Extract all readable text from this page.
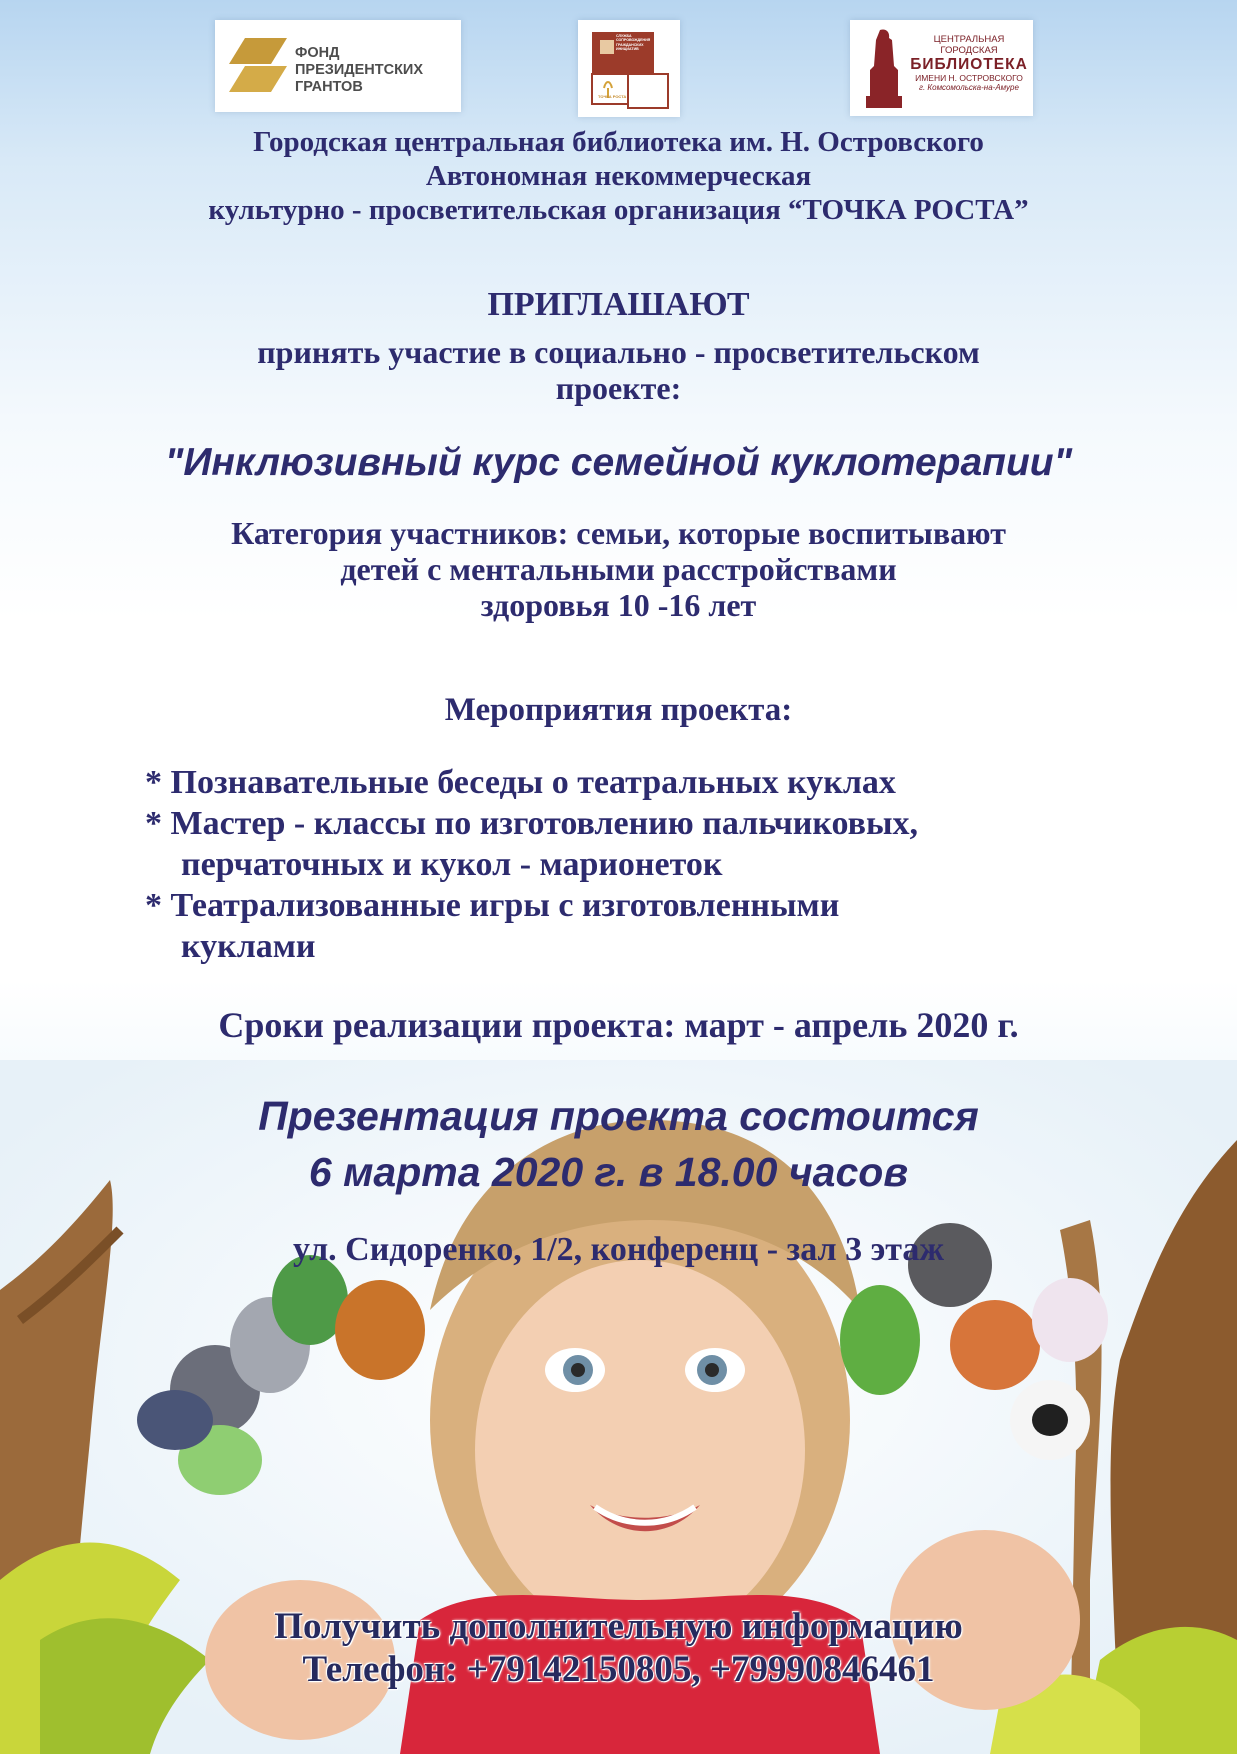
ФОНД
ПРЕЗИДЕНТСКИХ
ГРАНТОВ
СЛУЖБА
СОПРОВОЖДЕНИЯ ГРАЖДАНСКИХ
ИНИЦИАТИВ
ТОЧКА РОСТА
ЦЕНТРАЛЬНАЯ ГОРОДСКАЯ
БИБЛИОТЕКА
ИМЕНИ Н. ОСТРОВСКОГО
г. Комсомольска-на-Амуре
Городская центральная библиотека им. Н. Островского
Автономная некоммерческая
культурно - просветительская организация “ТОЧКА РОСТА”
ПРИГЛАШАЮТ
принять участие в социально - просветительском
проекте:
"Инклюзивный курс семейной куклотерапии"
Категория участников: семьи, которые воспитывают
детей с ментальными расстройствами
здоровья 10 -16 лет
Мероприятия проекта:
* Познавательные беседы о театральных куклах
* Мастер - классы по изготовлению пальчиковых,
перчаточных и кукол - марионеток
* Театрализованные игры с изготовленными
куклами
Сроки реализации проекта: март - апрель 2020 г.
Презентация проекта состоится
6 марта 2020 г. в 18.00 часов
ул. Сидоренко, 1/2, конференц - зал 3 этаж
Получить дополнительную информацию
Телефон: +79142150805, +79990846461
